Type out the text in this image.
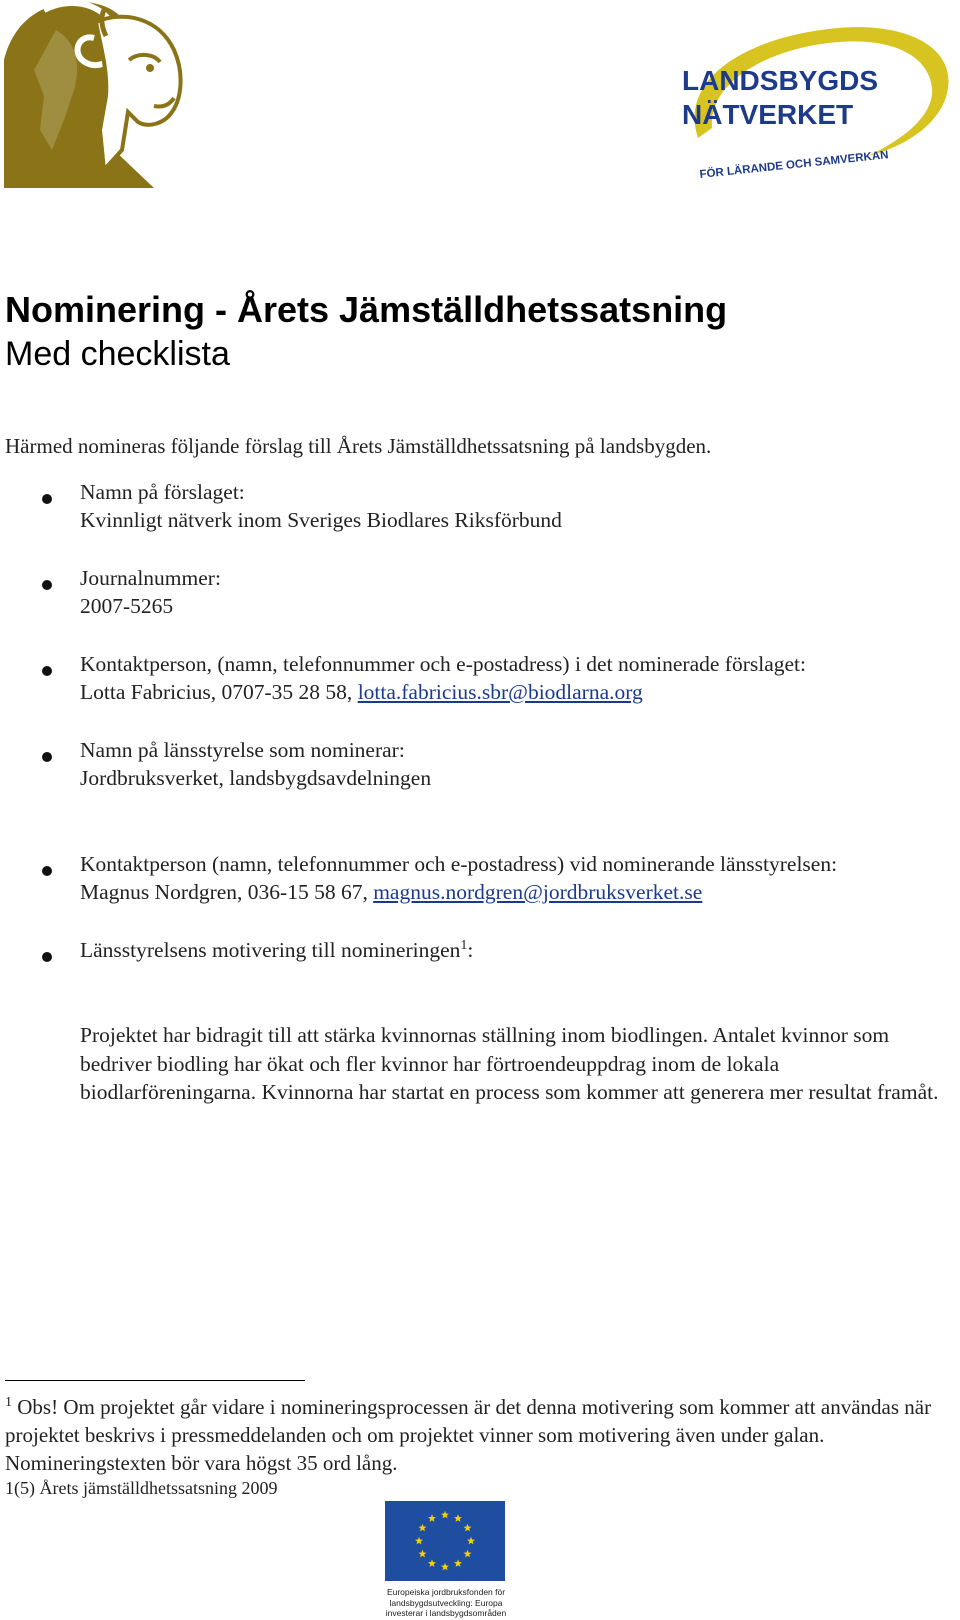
LANDSBYGDS
NÄTVERKET
FÖR LÄRANDE OCH SAMVERKAN
Nominering - Årets Jämställdhetssatsning
Med checklista
Härmed nomineras följande förslag till Årets Jämställdhetssatsning på landsbygden.
Namn på förslaget:
Kvinnligt nätverk inom Sveriges Biodlares Riksförbund
Journalnummer:
2007-5265
Kontaktperson, (namn, telefonnummer och e-postadress) i det nominerade förslaget:
Lotta Fabricius, 0707-35 28 58, lotta.fabricius.sbr@biodlarna.org
Namn på länsstyrelse som nominerar:
Jordbruksverket, landsbygdsavdelningen
Kontaktperson (namn, telefonnummer och e-postadress) vid nominerande länsstyrelsen:
Magnus Nordgren, 036-15 58 67, magnus.nordgren@jordbruksverket.se
Länsstyrelsens motivering till nomineringen$^1$:
Projektet har bidragit till att stärka kvinnornas ställning inom biodlingen. Antalet kvinnor som bedriver biodling har ökat och fler kvinnor har förtroendeuppdrag inom de lokala biodlarföreningarna. Kvinnorna har startat en process som kommer att generera mer resultat framåt.
$^1$ Obs! Om projektet går vidare i nomineringsprocessen är det denna motivering som kommer att användas när projektet beskrivs i pressmeddelanden och om projektet vinner som motivering även under galan. Nomineringstexten bör vara högst 35 ord lång.
1(5) Årets jämställdhetssatsning 2009
Europeiska jordbruksfonden för
landsbygdsutveckling: Europa
investerar i landsbygdsområden
